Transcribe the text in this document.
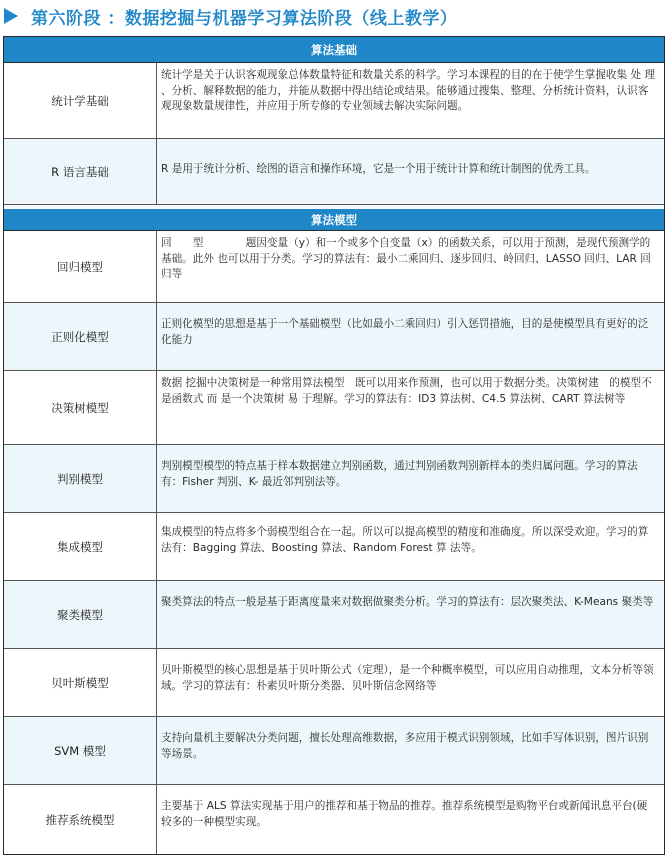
第六阶段 ：数据挖掘与机器学习算法阶段（线上教学）
算法基础
统计学基础
统计学是关于认识客观现象总体数量特征和数量关系的科学。学习本课程的目的在于使学生掌握收集 处 理 、分析、解释数据的能力，并能从数据中得出结论或结果。能够通过搜集、整理、分析统计资料，认识客观现象数量规律性，并应用于所专修的专业领域去解决实际问题。
R 语言基础	R 是用于统计分析、绘图的语言和操作环境，它是一个用于统计计算和统计制图的优秀工具。
算法模型
回归模型
回　　型　　　　题因变量（y）和一个或多个自变量（x）的函数关系，可以用于预测，是现代预测学的基础。此外 也可以用于分类。学习的算法有：最小二乘回归、逐步回归、岭回归、LASSO 回归、LAR 回归等
正则化模型
正则化模型的思想是基于一个基础模型（比如最小二乘回归）引入惩罚措施，目的是使模型具有更好的泛化能力
决策树模型
数据 挖掘中决策树是一种常用算法模型　既可以用来作预测，也可以用于数据分类。决策树建　的模型不是函数式 而 是一个决策树 易 于理解。学习的算法有：ID3 算法树、C4.5 算法树、CART 算法树等
判别模型
判别模型模型的特点基于样本数据建立判别函数，通过判别函数判别新样本的类归属问题。学习的算法有：Fisher 判别、K- 最近邻判别法等。
集成模型
集成模型的特点将多个弱模型组合在一起。所以可以提高模型的精度和准确度。所以深受欢迎。学习的算法有：Bagging 算法、Boosting 算法、Random Forest 算 法等。
聚类模型
聚类算法的特点一般是基于距离度量来对数据做聚类分析。学习的算法有：层次聚类法、K-Means 聚类等
贝叶斯模型
贝叶斯模型的核心思想是基于贝叶斯公式（定理），是一个种概率模型，可以应用自动推理，文本分析等领域。学习的算法有：朴素贝叶斯分类器、贝叶斯信念网络等
SVM 模型
支持向量机主要解决分类问题，擅长处理高维数据，多应用于模式识别领域，比如手写体识别，图片识别等场景。
推荐系统模型
主要基于 ALS 算法实现基于用户的推荐和基于物品的推荐。推荐系统模型是购物平台或新闻讯息平台(硬 较多的一种模型实现。
